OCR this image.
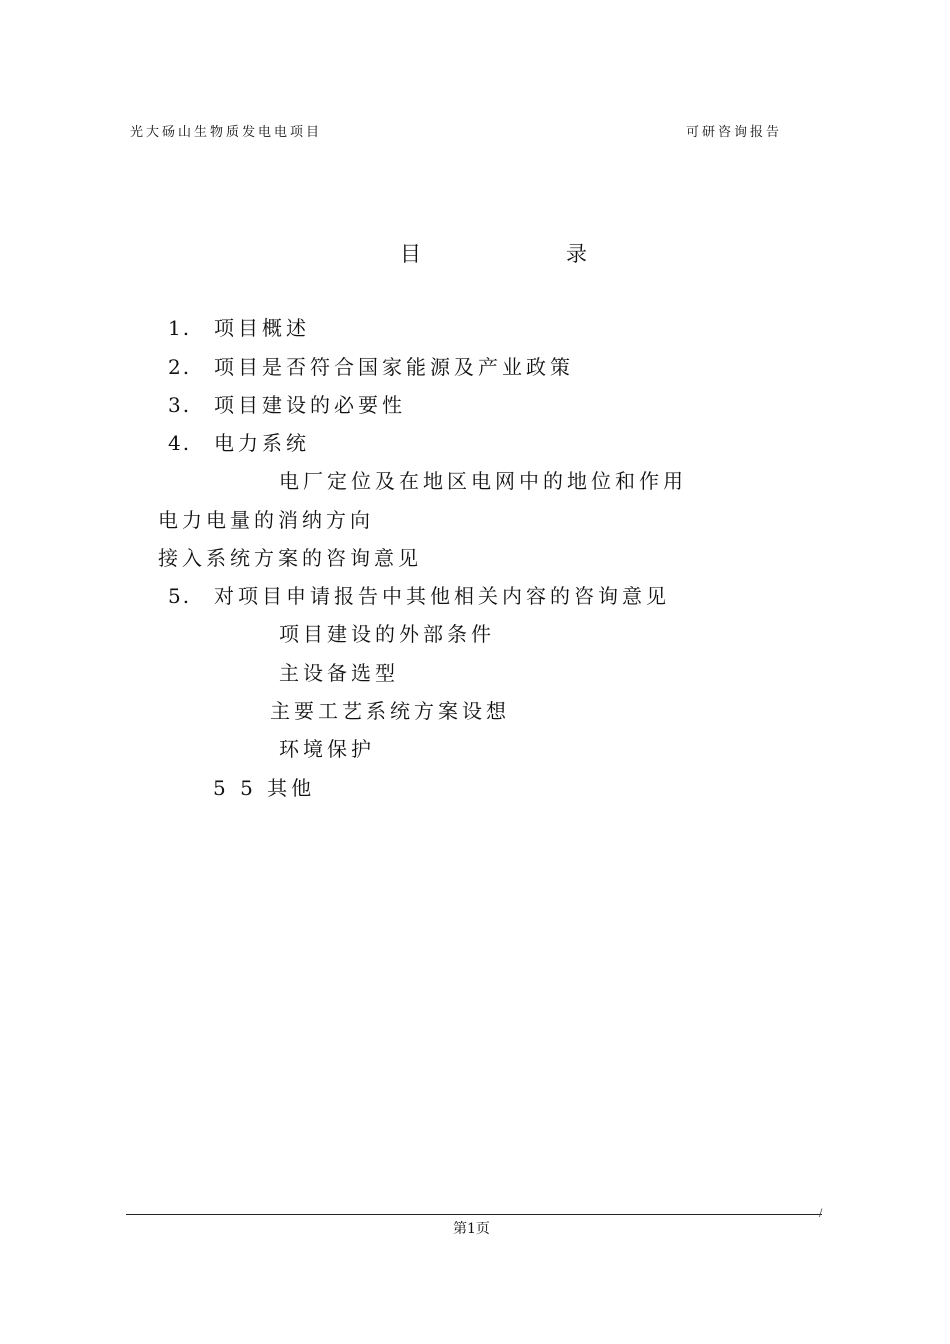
光大砀山生物质发电电项目	可研咨询报告
目	录
1. 项目概述
2. 项目是否符合国家能源及产业政策
3. 项目建设的必要性
4. 电力系统
电厂定位及在地区电网中的地位和作用
电力电量的消纳方向
接入系统方案的咨询意见
5. 对项目申请报告中其他相关内容的咨询意见
项目建设的外部条件
主设备选型
主要工艺系统方案设想
环境保护
5 5 其他
/
第1页
